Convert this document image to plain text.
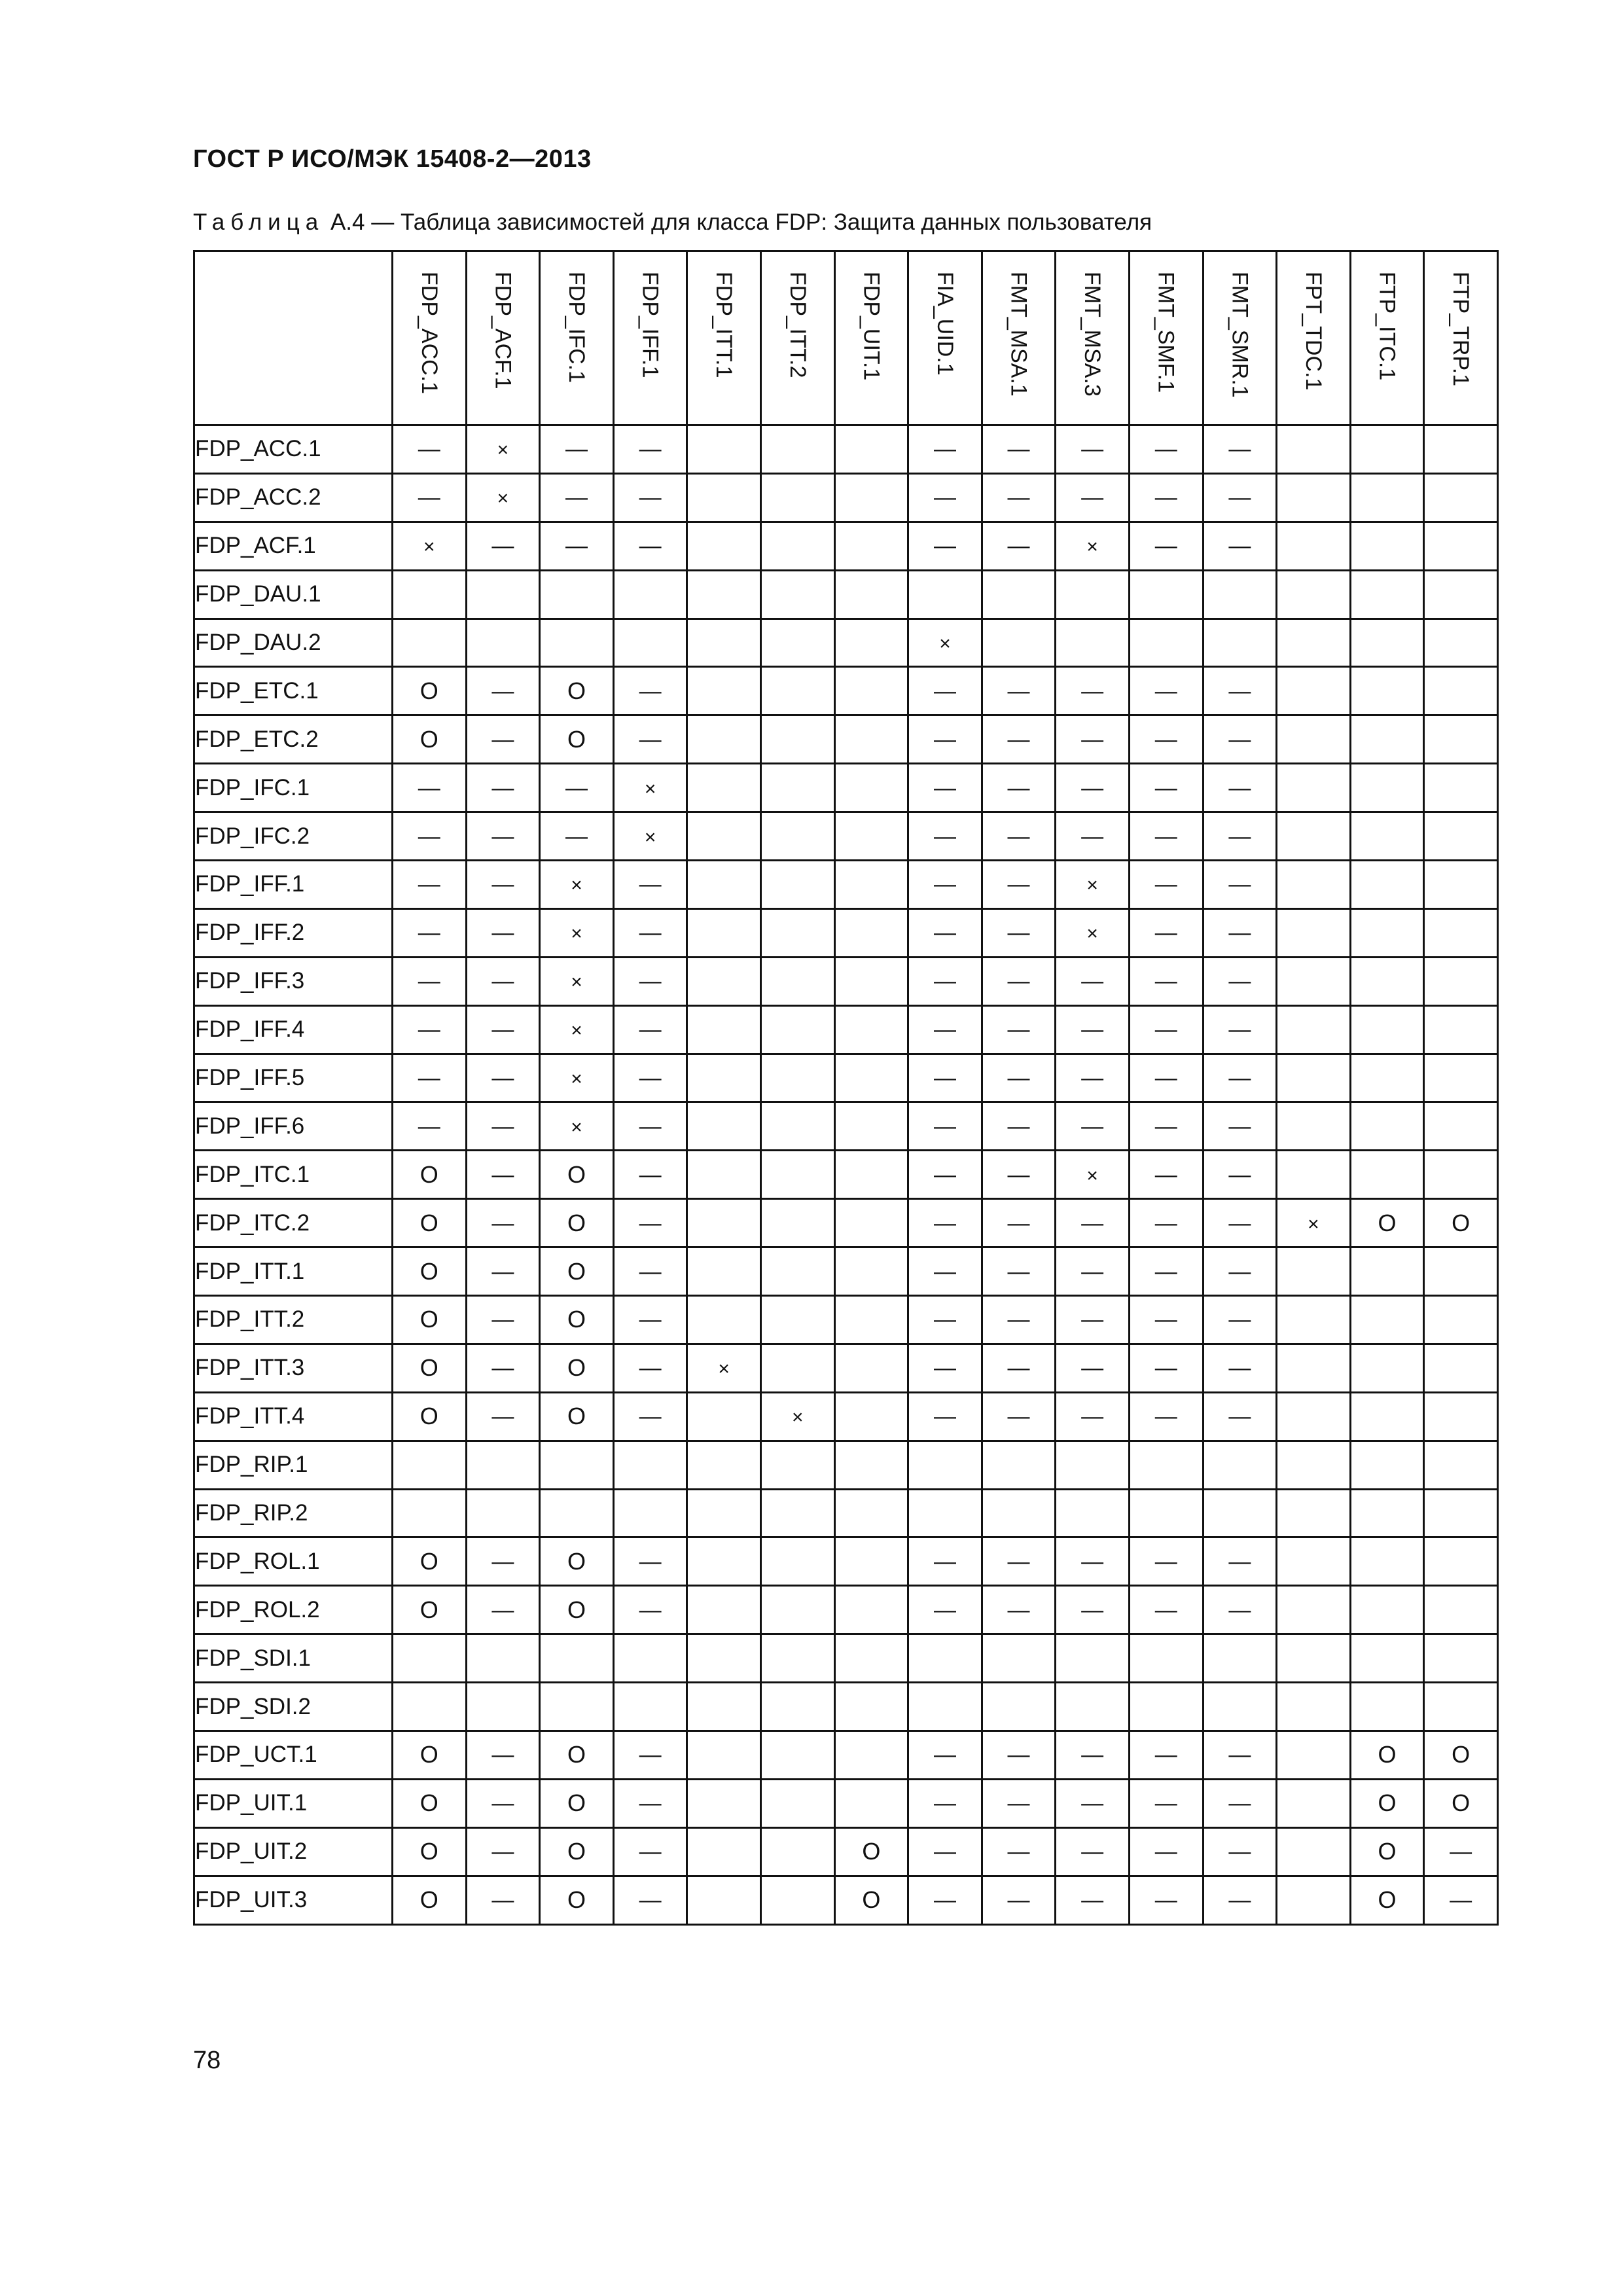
ГОСТ Р ИСО/МЭК 15408-2—2013
Таблица А.4 — Таблица зависимостей для класса FDP: Защита данных пользователя

	FDP_ACC.1	FDP_ACF.1	FDP_IFC.1	FDP_IFF.1	FDP_ITT.1	FDP_ITT.2	FDP_UIT.1	FIA_UID.1	FMT_MSA.1	FMT_MSA.3	FMT_SMF.1	FMT_SMR.1	FPT_TDC.1	FTP_ITC.1	FTP_TRP.1

FDP_ACC.1	—	×	—	—				—	—	—	—	—			
FDP_ACC.2	—	×	—	—				—	—	—	—	—			
FDP_ACF.1	×	—	—	—				—	—	×	—	—			
FDP_DAU.1															
FDP_DAU.2								×							
FDP_ETC.1	O	—	O	—				—	—	—	—	—			
FDP_ETC.2	O	—	O	—				—	—	—	—	—			
FDP_IFC.1	—	—	—	×				—	—	—	—	—			
FDP_IFC.2	—	—	—	×				—	—	—	—	—			
FDP_IFF.1	—	—	×	—				—	—	×	—	—			
FDP_IFF.2	—	—	×	—				—	—	×	—	—			
FDP_IFF.3	—	—	×	—				—	—	—	—	—			
FDP_IFF.4	—	—	×	—				—	—	—	—	—			
FDP_IFF.5	—	—	×	—				—	—	—	—	—			
FDP_IFF.6	—	—	×	—				—	—	—	—	—			
FDP_ITC.1	O	—	O	—				—	—	×	—	—			
FDP_ITC.2	O	—	O	—				—	—	—	—	—	×	O	O
FDP_ITT.1	O	—	O	—				—	—	—	—	—			
FDP_ITT.2	O	—	O	—				—	—	—	—	—			
FDP_ITT.3	O	—	O	—	×			—	—	—	—	—			
FDP_ITT.4	O	—	O	—		×		—	—	—	—	—			
FDP_RIP.1															
FDP_RIP.2															
FDP_ROL.1	O	—	O	—				—	—	—	—	—			
FDP_ROL.2	O	—	O	—				—	—	—	—	—			
FDP_SDI.1															
FDP_SDI.2															
FDP_UCT.1	O	—	O	—				—	—	—	—	—		O	O
FDP_UIT.1	O	—	O	—				—	—	—	—	—		O	O
FDP_UIT.2	O	—	O	—			O	—	—	—	—	—		O	—
FDP_UIT.3	O	—	O	—			O	—	—	—	—	—		O	—
78
